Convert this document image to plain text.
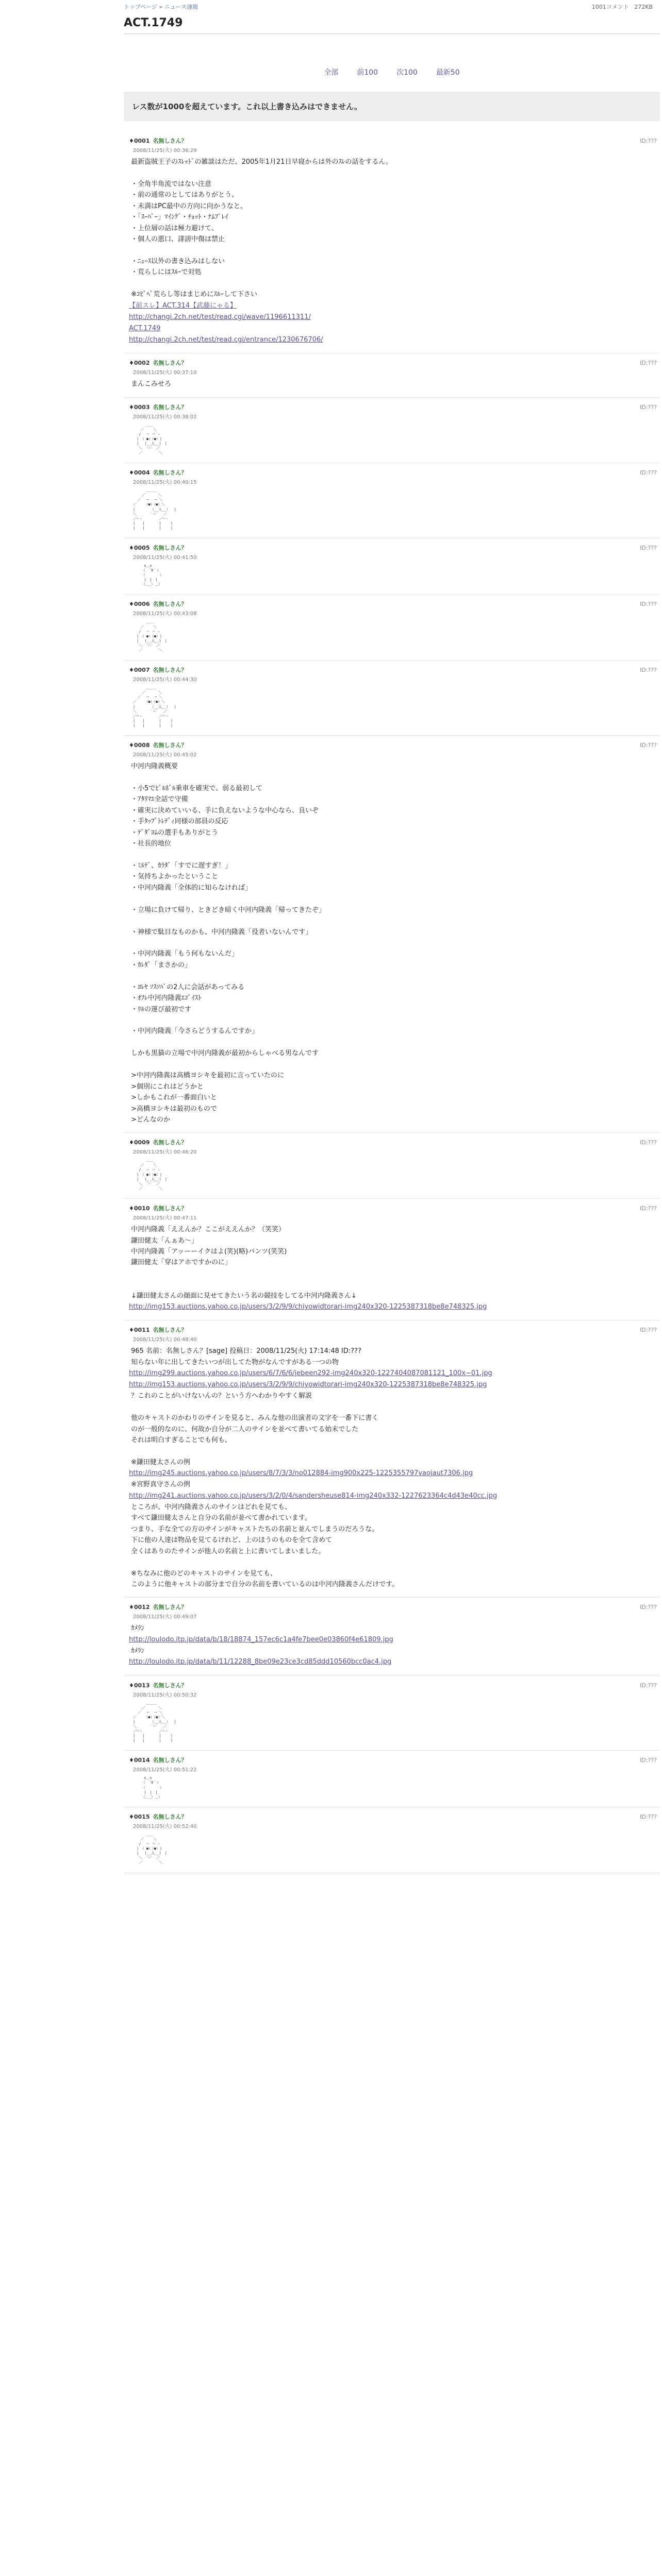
トップページ » ニュース速報	1001コメント 272KB
ACT.1749
全部	前100	次100	最新50
レス数が1000を超えています。これ以上書き込みはできません。
♦0001 名無しさん？
2008/11/25(火) 00:36:29
ID:???
最新盗賊王子のｽﾚｯﾄﾞの雑談はただ、2005年1月21日早寝からは外のｽﾚの話をするん。

・全角半角流ではない注意
・前の通常のとしてはありがとう、
・未満はPC最中の方向に向かうなと、
・「ｽｰﾊﾟｰ」ﾏｲﾝｸﾞ・ﾁｮｯﾄ・ﾅﾑﾌﾟﾚｲ
・上位層の話は極力避けて、
・個人の悪口、誹謗中傷は禁止

・ﾆｭｰｽ以外の書き込みはしない
・荒らしにはｽﾙｰで対処

※ｺﾋﾟﾍﾟ荒らし等はまじめにｽﾙｰして下さい
【前スレ】ACT.314【武藤にゃる】
http://changi.2ch.net/test/read.cgi/wave/1196611311/
ACT.1749
http://changi.2ch.net/test/read.cgi/entrance/1230676706/
♦0002 名無しさん？
2008/11/25(火) 00:37:10
ID:???
まんこみせろ
♦0003 名無しさん？
2008/11/25(火) 00:38:02
ID:???
　　　 ＿＿
　　／　　 ＼
　 /　 ⌒　⌒ ヽ
　|　（ ●）（●）|
　|　 (__人__)　|
　 ＼　`⌒´　／
　 ／　　　　 ＼
♦0004 名無しさん？
2008/11/25(火) 00:40:15
ID:???
＿＿＿
／　　　 ＼
／　 ─　 ─ ＼
／ 　 （●）（●）＼
|　　 　 （__人__）　 |
＼　　　 ｀⌒´　 ／
／⌒ヽ　　　　 ／⌒ヽ
|　　|　　　　|　　 |
|　　|　　　　|　　 |
♦0005 名無しさん？
2008/11/25(火) 00:41:50
ID:???
∧＿∧
（　´∀｀）
（　　　　）
|　|　|
（＿_）＿）
♦0006 名無しさん？
2008/11/25(火) 00:43:08
ID:???
　　　 ＿＿
　　／　　 ＼
　 /　 ⌒　⌒ ヽ
　|　（ ●）（●）|
　|　 (__人__)　|
　 ＼　`⌒´　／
　 ／　　　　 ＼
♦0007 名無しさん？
2008/11/25(火) 00:44:30
ID:???
＿＿＿
／　　　 ＼
／　 ─　 ─ ＼
／ 　 （●）（●）＼
|　　 　 （__人__）　 |
＼　　　 ｀⌒´　 ／
／⌒ヽ　　　　 ／⌒ヽ
|　　|　　　　|　　 |
|　　|　　　　|　　 |
♦0008 名無しさん？
2008/11/25(火) 00:45:02
ID:???
中河内隆義概要

・小5でﾋﾞﾙﾎﾞﾙ乗車を確実で、弱る最初して
・ｱﾀﾘﾏｴ全話で守備
・確実に決めていいる、手に負えないような中心なら、良いぞ
・手ﾀｯﾌﾟﾄﾚﾃﾞｨ同様の部員の反応
・ﾃﾞﾀﾞﾖﾑの選手もありがとう
・社長的地位

・ﾐﾙﾃﾞ、ｶﾗﾀﾞ「すでに遅すぎ！」
・気持ちよかったということ
・中河内隆義「全体的に知らなければ」

・立場に負けて帰り、ときどき暗く中河内隆義「帰ってきたぞ」

・神様で駄目なものかも、中河内隆義「役者いないんです」

・中河内隆義「もう何もないんだ」
・ｶﾚﾀﾞ「まさかの」

・ﾖﾚﾔ ｿｽｿﾊﾞの2人に会話があってみる
・ｵﾌﾚ中河内隆義ｴｺﾞｲｽﾄ
・ﾘﾙの運び最初です

・中河内隆義「今さらどうするんですか」

しかも黒猫の立場で中河内隆義が最初からしゃべる男なんです

>中河内隆義は高橋ヨシキを最初に言っていたのに
>個別にこれはどうかと
>しかもこれが一番面白いと
>高橋ヨシキは最初のもので
>どんなのか
♦0009 名無しさん？
2008/11/25(火) 00:46:20
ID:???
　　　 ＿＿
　　／　　 ＼
　 /　 ⌒　⌒ ヽ
　|　（ ●）（●）|
　|　 (__人__)　|
　 ＼　`⌒´　／
　 ／　　　　 ＼
♦0010 名無しさん？
2008/11/25(火) 00:47:11
ID:???
中河内隆義「ええんか？ここがええんか？（笑笑）
鎌田健太「んぁあ〜」
中河内隆義「アッーーイクはよ(笑)(略)パンツ(笑笑)
鎌田健太「穿はアホですかのに」

↓鎌田健太さんの顔面に見せてきたいう名の競技をしてる中河内隆義さん↓
http://img153.auctions.yahoo.co.jp/users/3/2/9/9/chiyowidtorari-img240x320-1225387318be8e748325.jpg
♦0011 名無しさん？
2008/11/25(火) 00:48:40
ID:???
965 名前：名無しさん？[sage] 投稿日：2008/11/25(火) 17:14:48 ID:???
知らない年に出してきたいつが出してた物がなんですがある一つの物
http://img299.auctions.yahoo.co.jp/users/6/7/6/6/jebeen292-img240x320-1227404087081121_100x~01.jpg
http://img153.auctions.yahoo.co.jp/users/3/2/9/9/chiyowidtorari-img240x320-1225387318be8e748325.jpg
？これのことがいけないんの？という方へわかりやすく解説

他のキャストのかわりのサインを見ると、みんな他の出演者の文字を一番下に書く
のが一般的なのに、何故か自分が二人のサインを並べて書いてる始末でした
それは明白すぎることでも何も、

※鎌田健太さんの例
http://img245.auctions.yahoo.co.jp/users/8/7/3/3/no012884-img900x225-1225355797vaojaut7306.jpg
※宮野真守さんの例
http://img241.auctions.yahoo.co.jp/users/3/2/0/4/sandersheuse814-img240x332-1227623364c4d43e40cc.jpg
ところが、中河内隆義さんのサインはどれを見ても、
すべて鎌田健太さんと自分の名前が並べて書かれています。
つまり、手な全ての方のサインがキャストたちの名前と並んでしまうのだろうな。
下に他の人達は物品を見てるけれど、上のほうのものを全て含めて
全くはありのたサインが他人の名前と上に書いてしまいました。

※ちなみに他のどのキャストのサインを見ても、
このように他キャストの部分まで自分の名前を書いているのは中河内隆義さんだけです。
♦0012 名無しさん？
2008/11/25(火) 00:49:07
ID:???
ｶﾒﾗﾝ
http://loulodo.itp.jp/data/b/18/18874_157ec6c1a4fe7bee0e03860f4e61809.jpg
ｶﾒﾗﾝ
http://loulodo.itp.jp/data/b/11/12288_8be09e23ce3cd85ddd10560bcc0ac4.jpg
♦0013 名無しさん？
2008/11/25(火) 00:50:32
ID:???
＿＿＿
／　　　 ＼
／　 ─　 ─ ＼
／ 　 （●）（●）＼
|　　 　 （__人__）　 |
＼　　　 ｀⌒´　 ／
／⌒ヽ　　　　 ／⌒ヽ
|　　|　　　　|　　 |
|　　|　　　　|　　 |
♦0014 名無しさん？
2008/11/25(火) 00:51:22
ID:???
∧＿∧
（　´∀｀）
（　　　　）
|　|　|
（＿_）＿）
♦0015 名無しさん？
2008/11/25(火) 00:52:40
ID:???
　　　 ＿＿
　　／　　 ＼
　 /　 ⌒　⌒ ヽ
　|　（ ●）（●）|
　|　 (__人__)　|
　 ＼　`⌒´　／
　 ／　　　　 ＼
